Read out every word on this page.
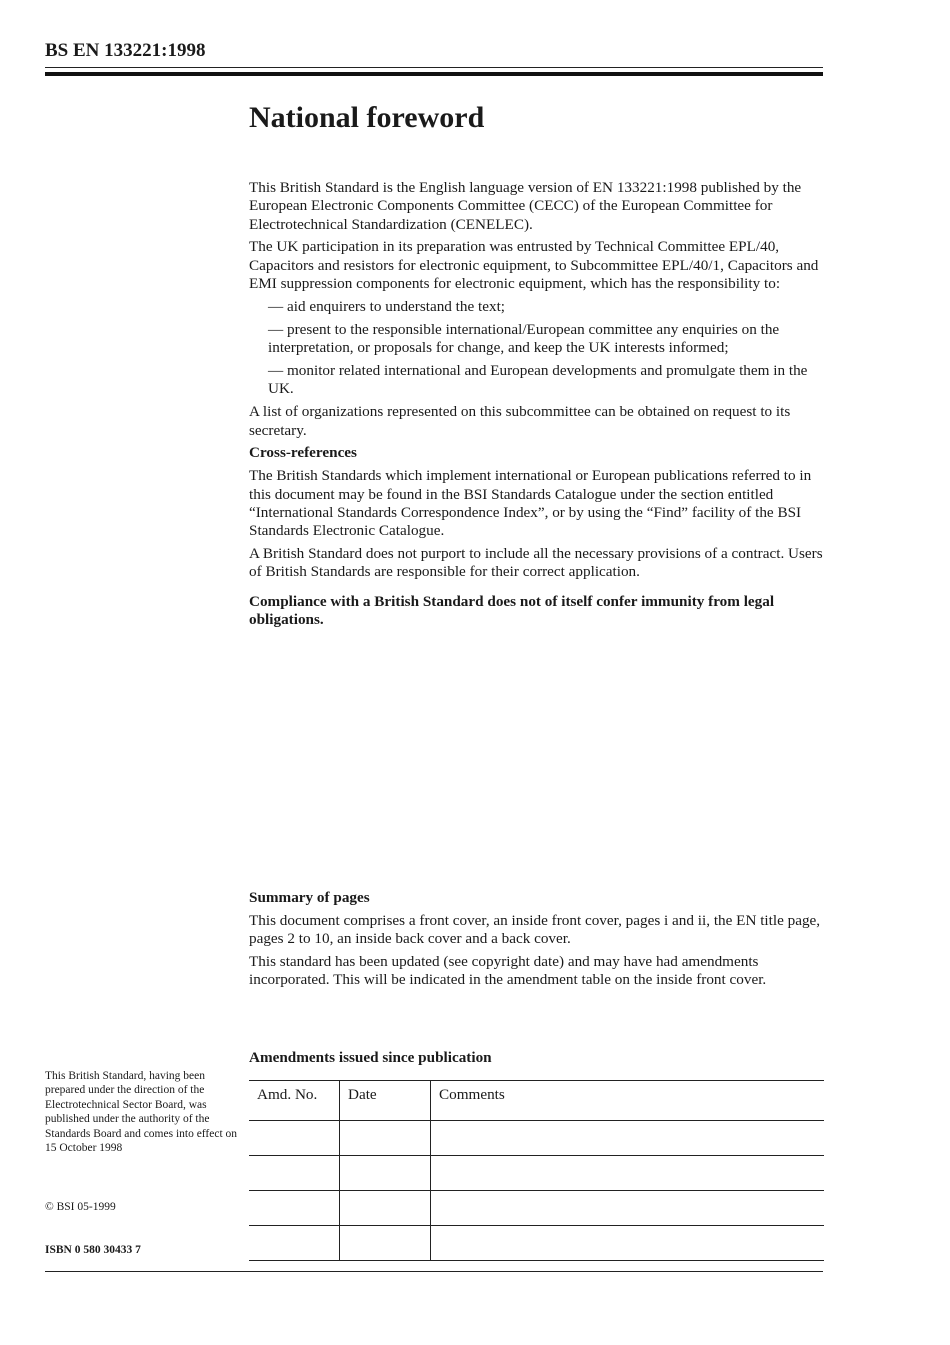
BS EN 133221:1998
National foreword

This British Standard is the English language version of EN 133221:1998 published by the European Electronic Components Committee (CECC) of the European Committee for Electrotechnical Standardization (CENELEC).

The UK participation in its preparation was entrusted by Technical Committee EPL/40, Capacitors and resistors for electronic equipment, to Subcommittee EPL/40/1, Capacitors and EMI suppression components for electronic equipment, which has the responsibility to:

— aid enquirers to understand the text;

— present to the responsible international/European committee any enquiries on the interpretation, or proposals for change, and keep the UK interests informed;

— monitor related international and European developments and promulgate them in the UK.

A list of organizations represented on this subcommittee can be obtained on request to its secretary.

Cross-references

The British Standards which implement international or European publications referred to in this document may be found in the BSI Standards Catalogue under the section entitled “International Standards Correspondence Index”, or by using the “Find” facility of the BSI Standards Electronic Catalogue.

A British Standard does not purport to include all the necessary provisions of a contract. Users of British Standards are responsible for their correct application.

Compliance with a British Standard does not of itself confer immunity from legal obligations.

Summary of pages

This document comprises a front cover, an inside front cover, pages i and ii, the EN title page, pages 2 to 10, an inside back cover and a back cover.

This standard has been updated (see copyright date) and may have had amendments incorporated. This will be indicated in the amendment table on the inside front cover.

Amendments issued since publication
Amd. No.	Date	Comments

This British Standard, having been prepared under the direction of the Electrotechnical Sector Board, was published under the authority of the Standards Board and comes into effect on 15 October 1998
© BSI 05-1999
ISBN 0 580 30433 7
